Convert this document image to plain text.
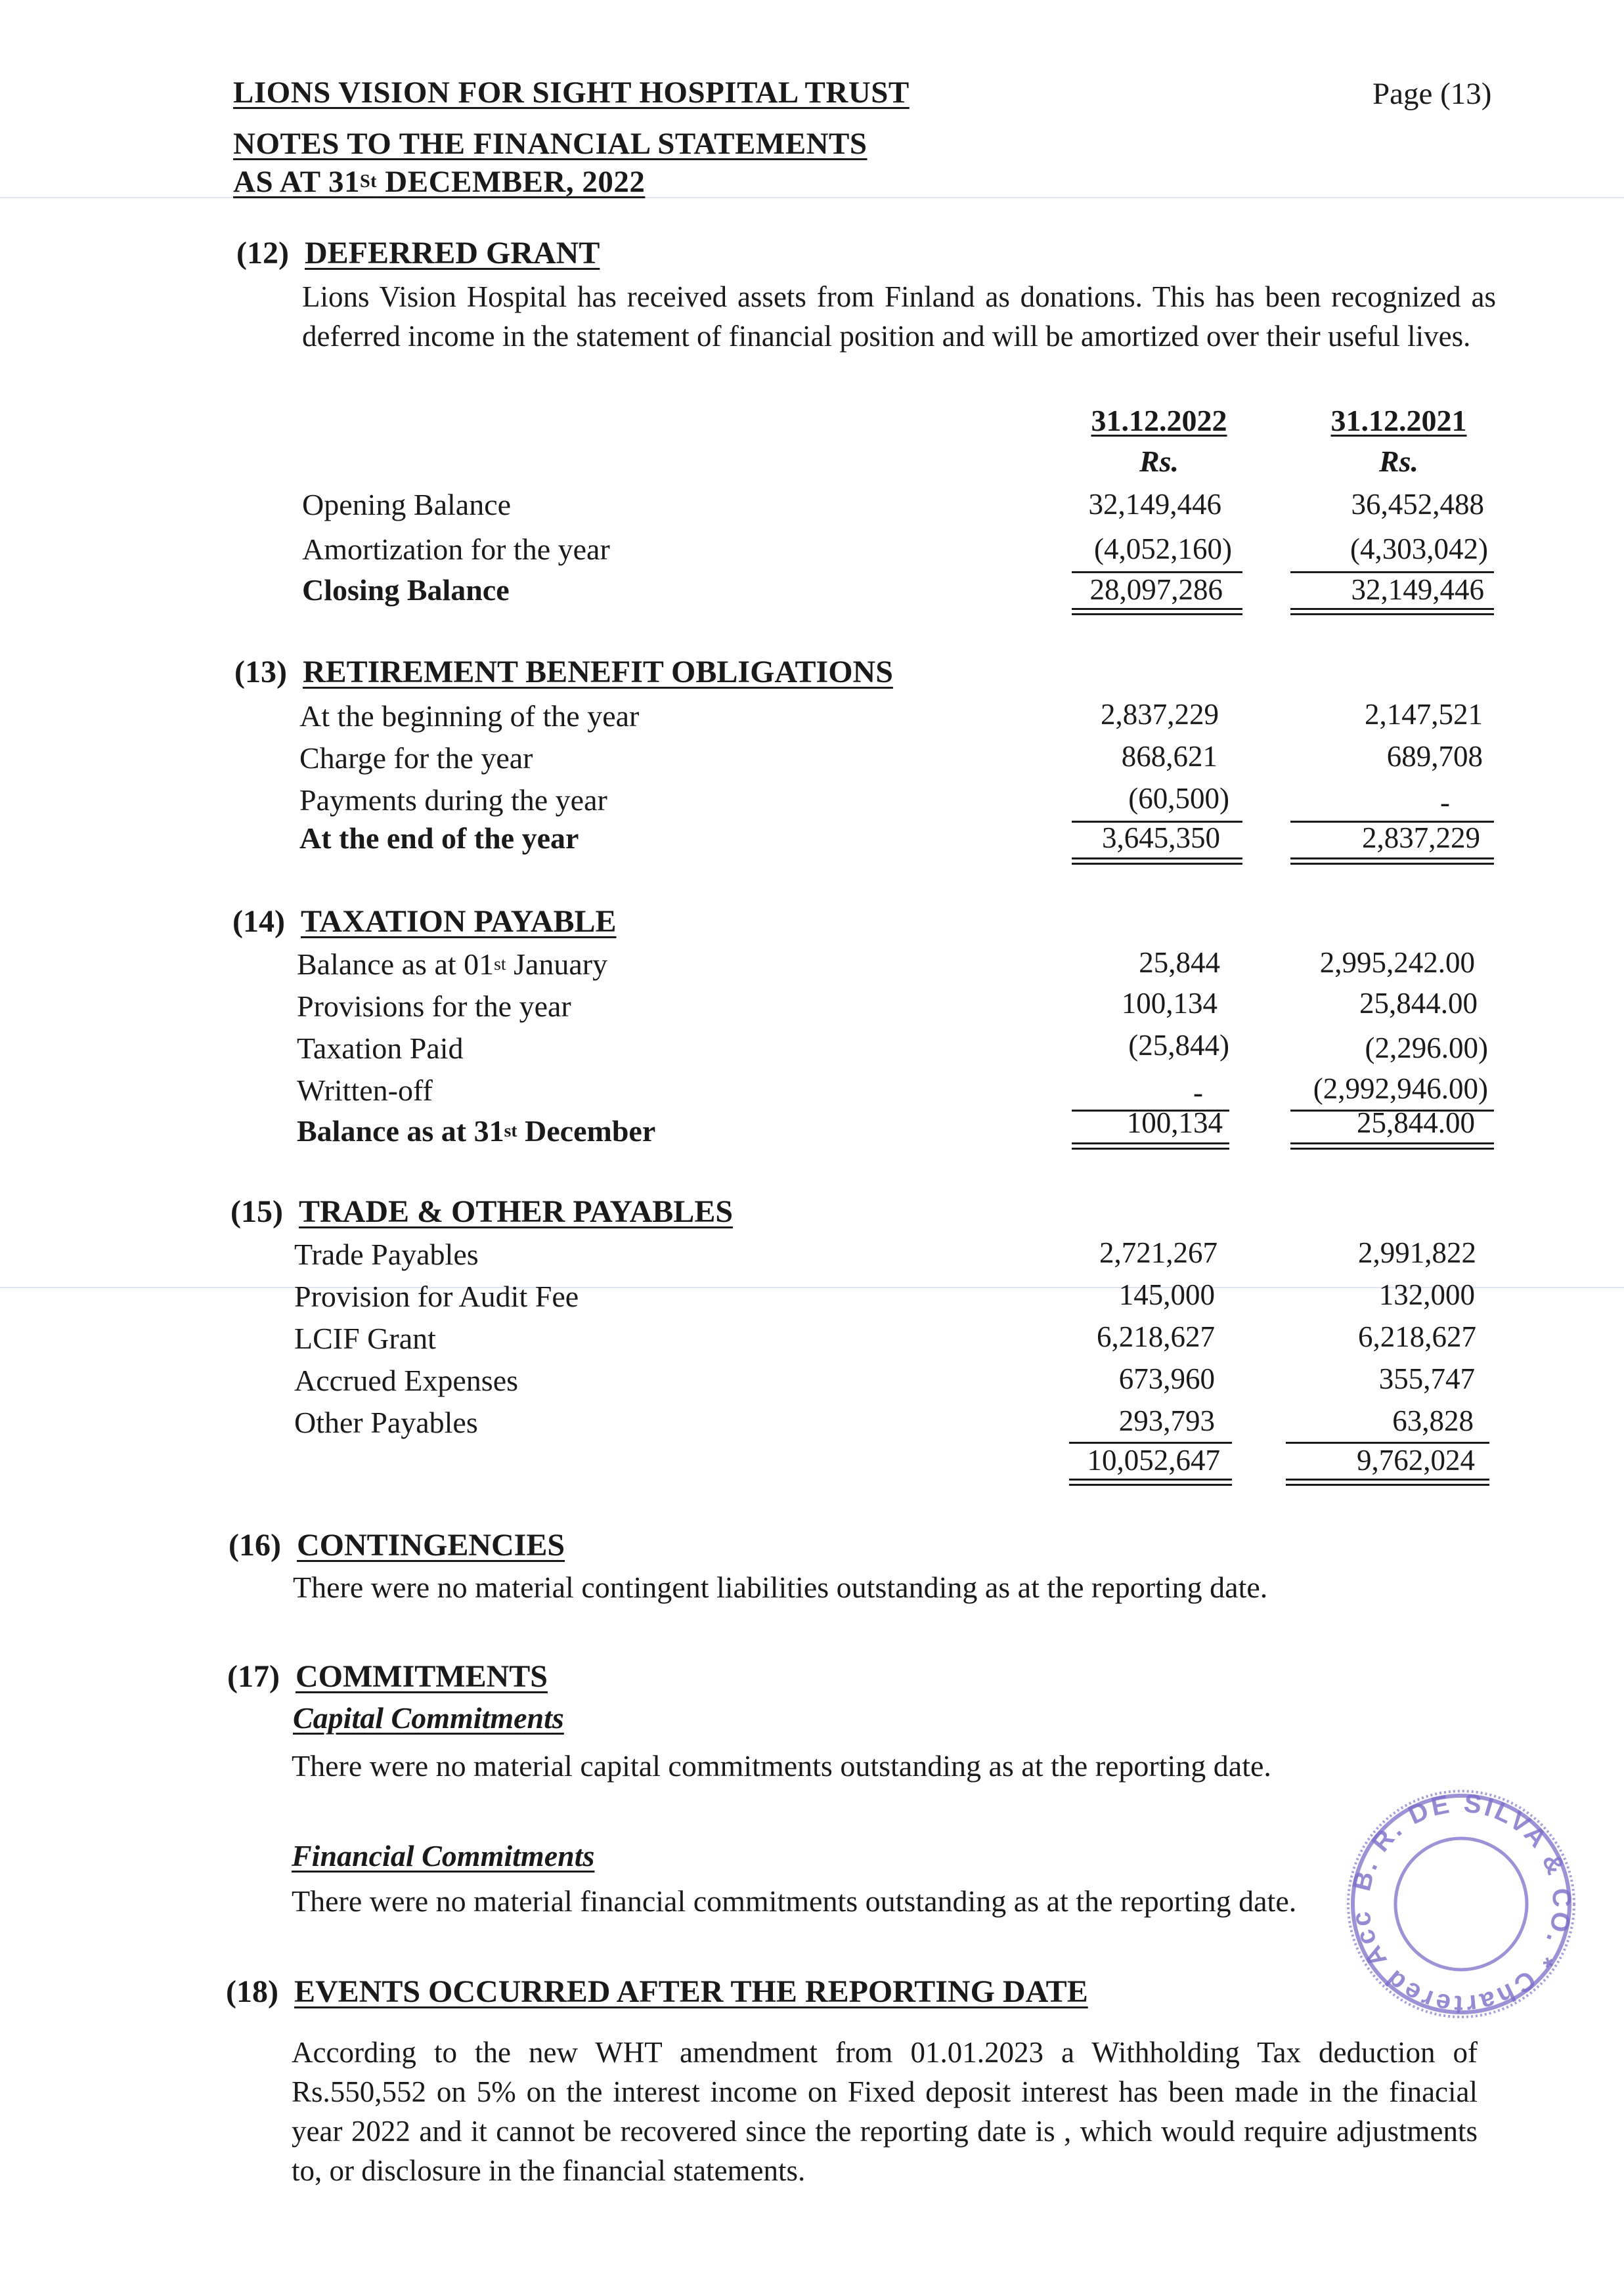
LIONS VISION FOR SIGHT HOSPITAL TRUST	Page (13)
NOTES TO THE FINANCIAL STATEMENTS
AS AT 31St DECEMBER, 2022
(12) DEFERRED GRANT
Lions Vision Hospital has received assets from Finland as donations. This has been recognized as deferred income in the statement of financial position and will be amortized over their useful lives.
31.12.2022	31.12.2021
Rs.	Rs.
Opening Balance	32,149,446	36,452,488
Amortization for the year	(4,052,160)	(4,303,042)
Closing Balance	28,097,286	32,149,446
(13) RETIREMENT BENEFIT OBLIGATIONS
At the beginning of the year	2,837,229	2,147,521
Charge for the year	868,621	689,708
Payments during the year	(60,500)	-
At the end of the year	3,645,350	2,837,229
(14) TAXATION PAYABLE
Balance as at 01st January	25,844	2,995,242.00
Provisions for the year	100,134	25,844.00
Taxation Paid	(25,844)	(2,296.00)
Written-off	-	(2,992,946.00)
Balance as at 31st December	100,134	25,844.00
(15) TRADE & OTHER PAYABLES
Trade Payables	2,721,267	2,991,822
Provision for Audit Fee	145,000	132,000
LCIF Grant	6,218,627	6,218,627
Accrued Expenses	673,960	355,747
Other Payables	293,793	63,828
10,052,647	9,762,024
(16) CONTINGENCIES
There were no material contingent liabilities outstanding as at the reporting date.
(17) COMMITMENTS
Capital Commitments
There were no material capital commitments outstanding as at the reporting date.
Financial Commitments
There were no material financial commitments outstanding as at the reporting date.
B. R. DE SILVA & CO. * Chartered Acc
(18) EVENTS OCCURRED AFTER THE REPORTING DATE
According to the new WHT amendment from 01.01.2023 a Withholding Tax deduction of Rs.550,552 on 5% on the interest income on Fixed deposit interest has been made in the finacial year 2022 and it cannot be recovered since the reporting date is , which would require adjustments to, or disclosure in the financial statements.
